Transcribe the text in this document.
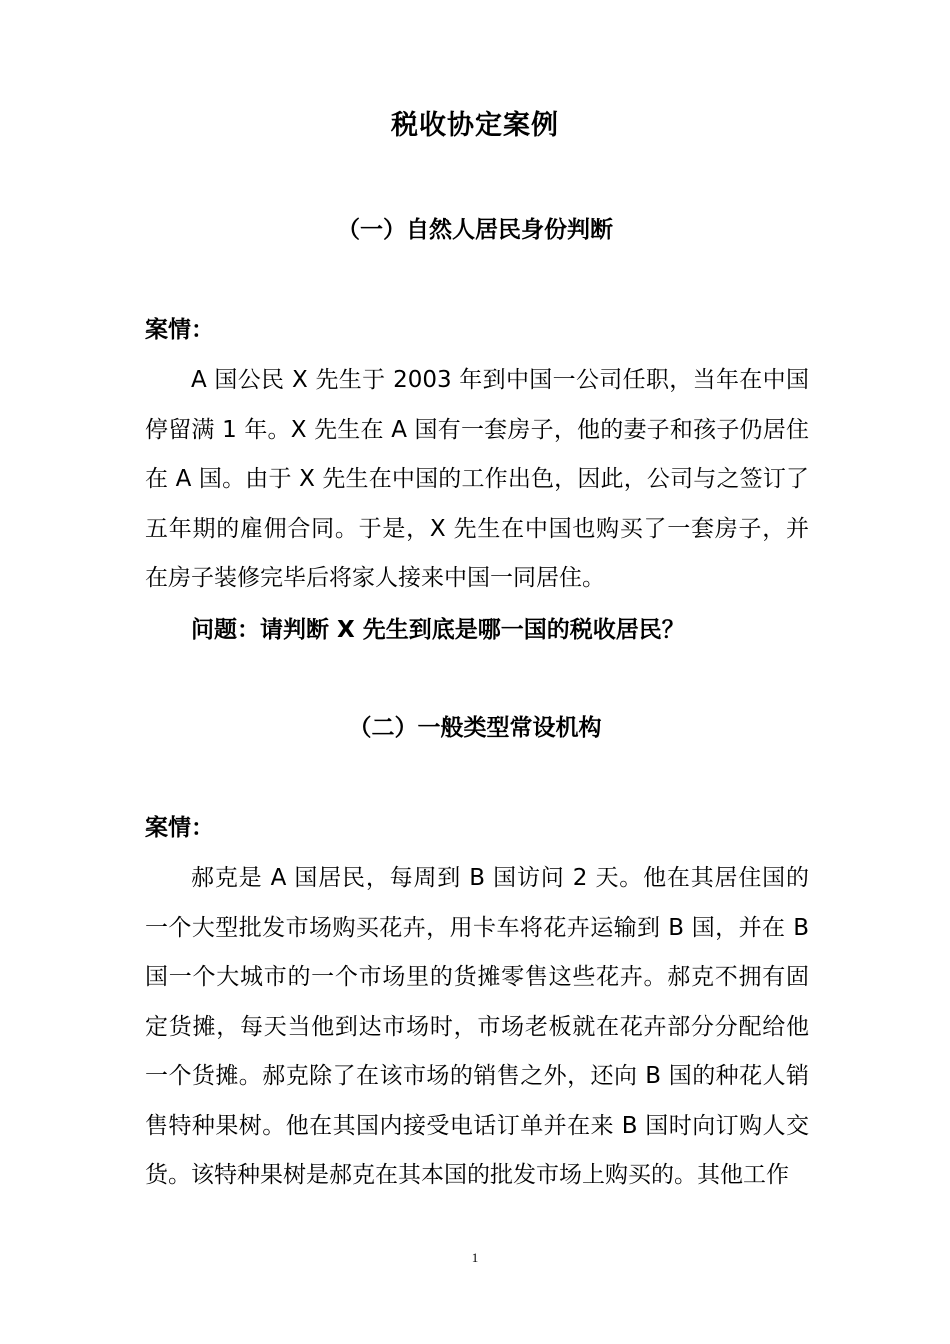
税收协定案例
（一）自然人居民身份判断
案情：

A 国公民 X 先生于 2003 年到中国一公司任职，当年在中国停留满 1 年。X 先生在 A 国有一套房子，他的妻子和孩子仍居住在 A 国。由于 X 先生在中国的工作出色，因此，公司与之签订了五年期的雇佣合同。于是，X 先生在中国也购买了一套房子，并在房子装修完毕后将家人接来中国一同居住。

问题：请判断 X 先生到底是哪一国的税收居民？
（二）一般类型常设机构
案情：

郝克是 A 国居民，每周到 B 国访问 2 天。他在其居住国的一个大型批发市场购买花卉，用卡车将花卉运输到 B 国，并在 B 国一个大城市的一个市场里的货摊零售这些花卉。郝克不拥有固定货摊，每天当他到达市场时，市场老板就在花卉部分分配给他一个货摊。郝克除了在该市场的销售之外，还向 B 国的种花人销售特种果树。他在其国内接受电话订单并在来 B 国时向订购人交货。该特种果树是郝克在其本国的批发市场上购买的。其他工作

1
